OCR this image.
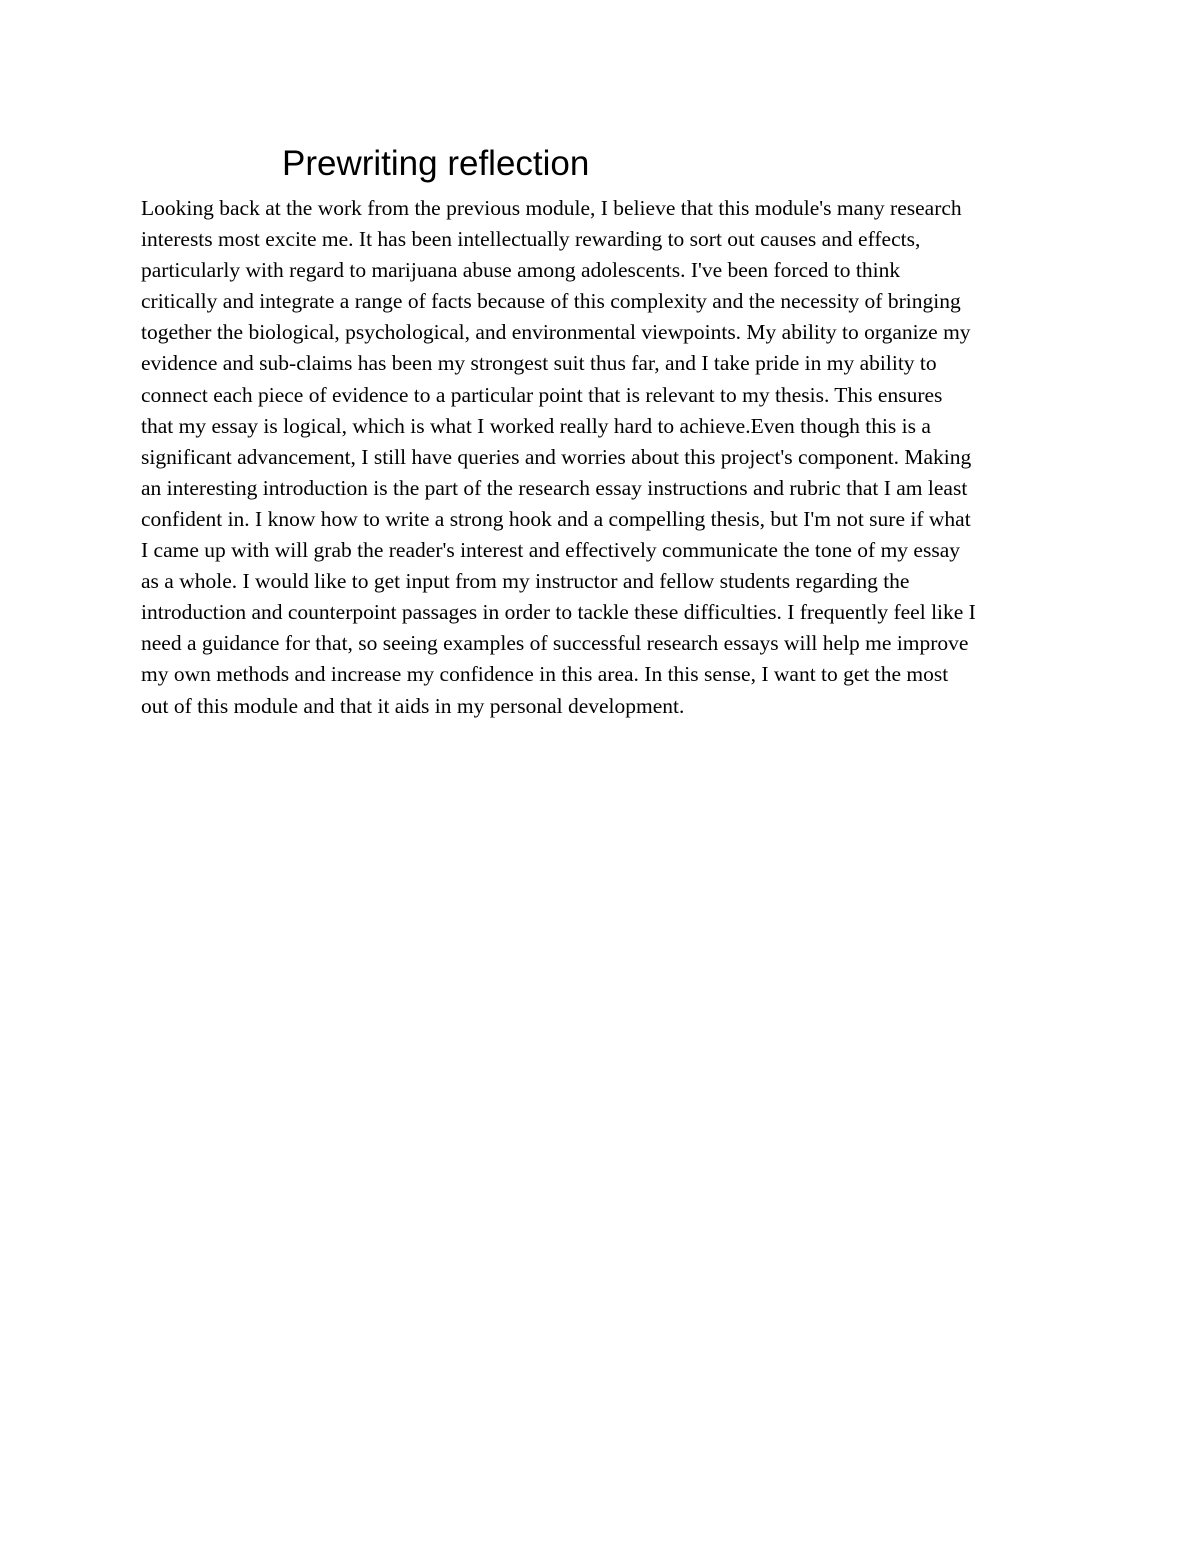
Prewriting reflection
Looking back at the work from the previous module, I believe that this module's many research
interests most excite me. It has been intellectually rewarding to sort out causes and effects,
particularly with regard to marijuana abuse among adolescents. I've been forced to think
critically and integrate a range of facts because of this complexity and the necessity of bringing
together the biological, psychological, and environmental viewpoints. My ability to organize my
evidence and sub-claims has been my strongest suit thus far, and I take pride in my ability to
connect each piece of evidence to a particular point that is relevant to my thesis. This ensures
that my essay is logical, which is what I worked really hard to achieve.Even though this is a
significant advancement, I still have queries and worries about this project's component. Making
an interesting introduction is the part of the research essay instructions and rubric that I am least
confident in. I know how to write a strong hook and a compelling thesis, but I'm not sure if what
I came up with will grab the reader's interest and effectively communicate the tone of my essay
as a whole. I would like to get input from my instructor and fellow students regarding the
introduction and counterpoint passages in order to tackle these difficulties. I frequently feel like I
need a guidance for that, so seeing examples of successful research essays will help me improve
my own methods and increase my confidence in this area. In this sense, I want to get the most
out of this module and that it aids in my personal development.
